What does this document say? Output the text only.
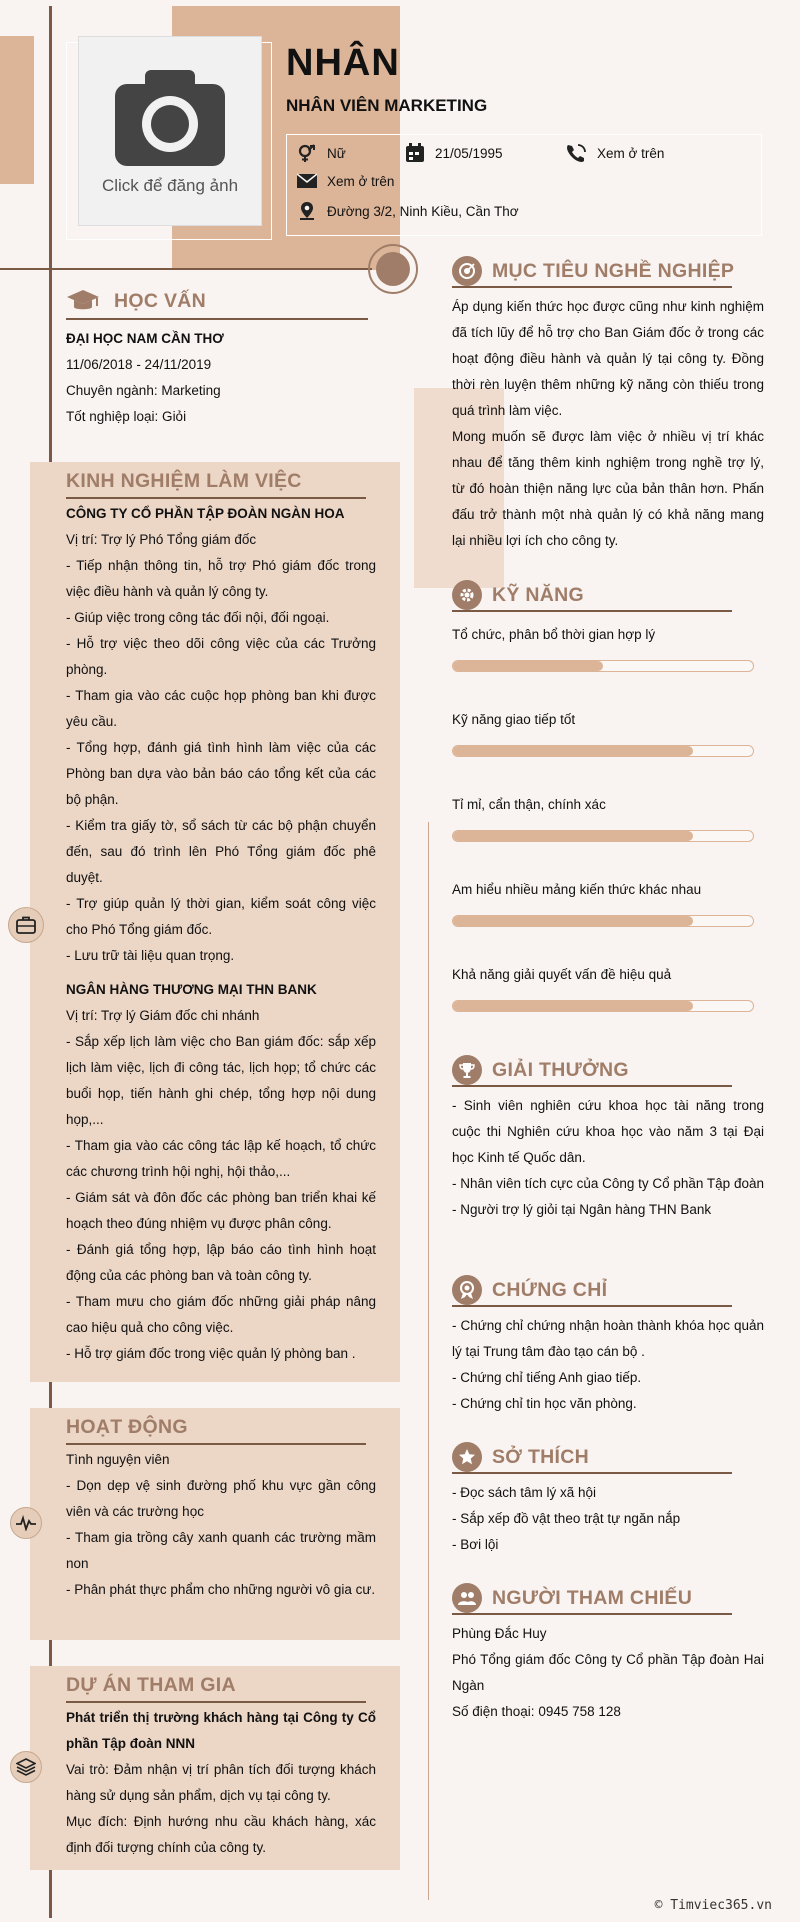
Click để đăng ảnh
NHÂN
NHÂN VIÊN MARKETING
Nữ	21/05/1995	Xem ở trên
Xem ở trên
Đường 3/2, Ninh Kiều, Cần Thơ
HỌC VẤN
ĐẠI HỌC NAM CẦN THƠ
11/06/2018 - 24/11/2019
Chuyên ngành: Marketing
Tốt nghiệp loại: Giỏi
KINH NGHIỆM LÀM VIỆC
CÔNG TY CỔ PHẦN TẬP ĐOÀN NGÀN HOA
Vị trí: Trợ lý Phó Tổng giám đốc
- Tiếp nhận thông tin, hỗ trợ Phó giám đốc trong việc điều hành và quản lý công ty.
- Giúp việc trong công tác đối nội, đối ngoại.
- Hỗ trợ việc theo dõi công việc của các Trưởng phòng.
- Tham gia vào các cuộc họp phòng ban khi được yêu cầu.
- Tổng hợp, đánh giá tình hình làm việc của các Phòng ban dựa vào bản báo cáo tổng kết của các bộ phận.
- Kiểm tra giấy tờ, sổ sách từ các bộ phận chuyển đến, sau đó trình lên Phó Tổng giám đốc phê duyệt.
- Trợ giúp quản lý thời gian, kiểm soát công việc cho Phó Tổng giám đốc.
- Lưu trữ tài liệu quan trọng.
NGÂN HÀNG THƯƠNG MẠI THN BANK
Vị trí: Trợ lý Giám đốc chi nhánh
- Sắp xếp lịch làm việc cho Ban giám đốc: sắp xếp lịch làm việc, lịch đi công tác, lịch họp; tổ chức các buổi họp, tiến hành ghi chép, tổng hợp nội dung họp,...
- Tham gia vào các công tác lập kế hoạch, tổ chức các chương trình hội nghị, hội thảo,...
- Giám sát và đôn đốc các phòng ban triển khai kế hoạch theo đúng nhiệm vụ được phân công.
- Đánh giá tổng hợp, lập báo cáo tình hình hoạt động của các phòng ban và toàn công ty.
- Tham mưu cho giám đốc những giải pháp nâng cao hiệu quả cho công việc.
- Hỗ trợ giám đốc trong việc quản lý phòng ban .
HOẠT ĐỘNG
Tình nguyện viên
- Dọn dẹp vệ sinh đường phố khu vực gần công viên và các trường học
- Tham gia trồng cây xanh quanh các trường mầm non
- Phân phát thực phẩm cho những người vô gia cư.
DỰ ÁN THAM GIA
Phát triển thị trường khách hàng tại Công ty Cổ phần Tập đoàn NNN
Vai trò: Đảm nhận vị trí phân tích đối tượng khách hàng sử dụng sản phẩm, dịch vụ tại công ty.
Mục đích: Định hướng nhu cầu khách hàng, xác định đối tượng chính của công ty.
MỤC TIÊU NGHỀ NGHIỆP
Áp dụng kiến thức học được cũng như kinh nghiệm đã tích lũy để hỗ trợ cho Ban Giám đốc ở trong các hoạt động điều hành và quản lý tại công ty. Đồng thời rèn luyện thêm những kỹ năng còn thiếu trong quá trình làm việc.
Mong muốn sẽ được làm việc ở nhiều vị trí khác nhau để tăng thêm kinh nghiệm trong nghề trợ lý, từ đó hoàn thiện năng lực của bản thân hơn. Phấn đấu trở thành một nhà quản lý có khả năng mang lại nhiều lợi ích cho công ty.
KỸ NĂNG
Tổ chức, phân bổ thời gian hợp lý
Kỹ năng giao tiếp tốt
Tỉ mỉ, cẩn thận, chính xác
Am hiểu nhiều mảng kiến thức khác nhau
Khả năng giải quyết vấn đề hiệu quả
GIẢI THƯỞNG
- Sinh viên nghiên cứu khoa học tài năng trong cuộc thi Nghiên cứu khoa học vào năm 3 tại Đại học Kinh tế Quốc dân.
- Nhân viên tích cực của Công ty Cổ phần Tập đoàn
- Người trợ lý giỏi tại Ngân hàng THN Bank
CHỨNG CHỈ
- Chứng chỉ chứng nhận hoàn thành khóa học quản lý tại Trung tâm đào tạo cán bộ .
- Chứng chỉ tiếng Anh giao tiếp.
- Chứng chỉ tin học văn phòng.
SỞ THÍCH
- Đọc sách tâm lý xã hội
- Sắp xếp đồ vật theo trật tự ngăn nắp
- Bơi lội
NGƯỜI THAM CHIẾU
Phùng Đắc Huy
Phó Tổng giám đốc Công ty Cổ phần Tập đoàn Hai Ngàn
Số điện thoại: 0945 758 128
© Timviec365.vn
